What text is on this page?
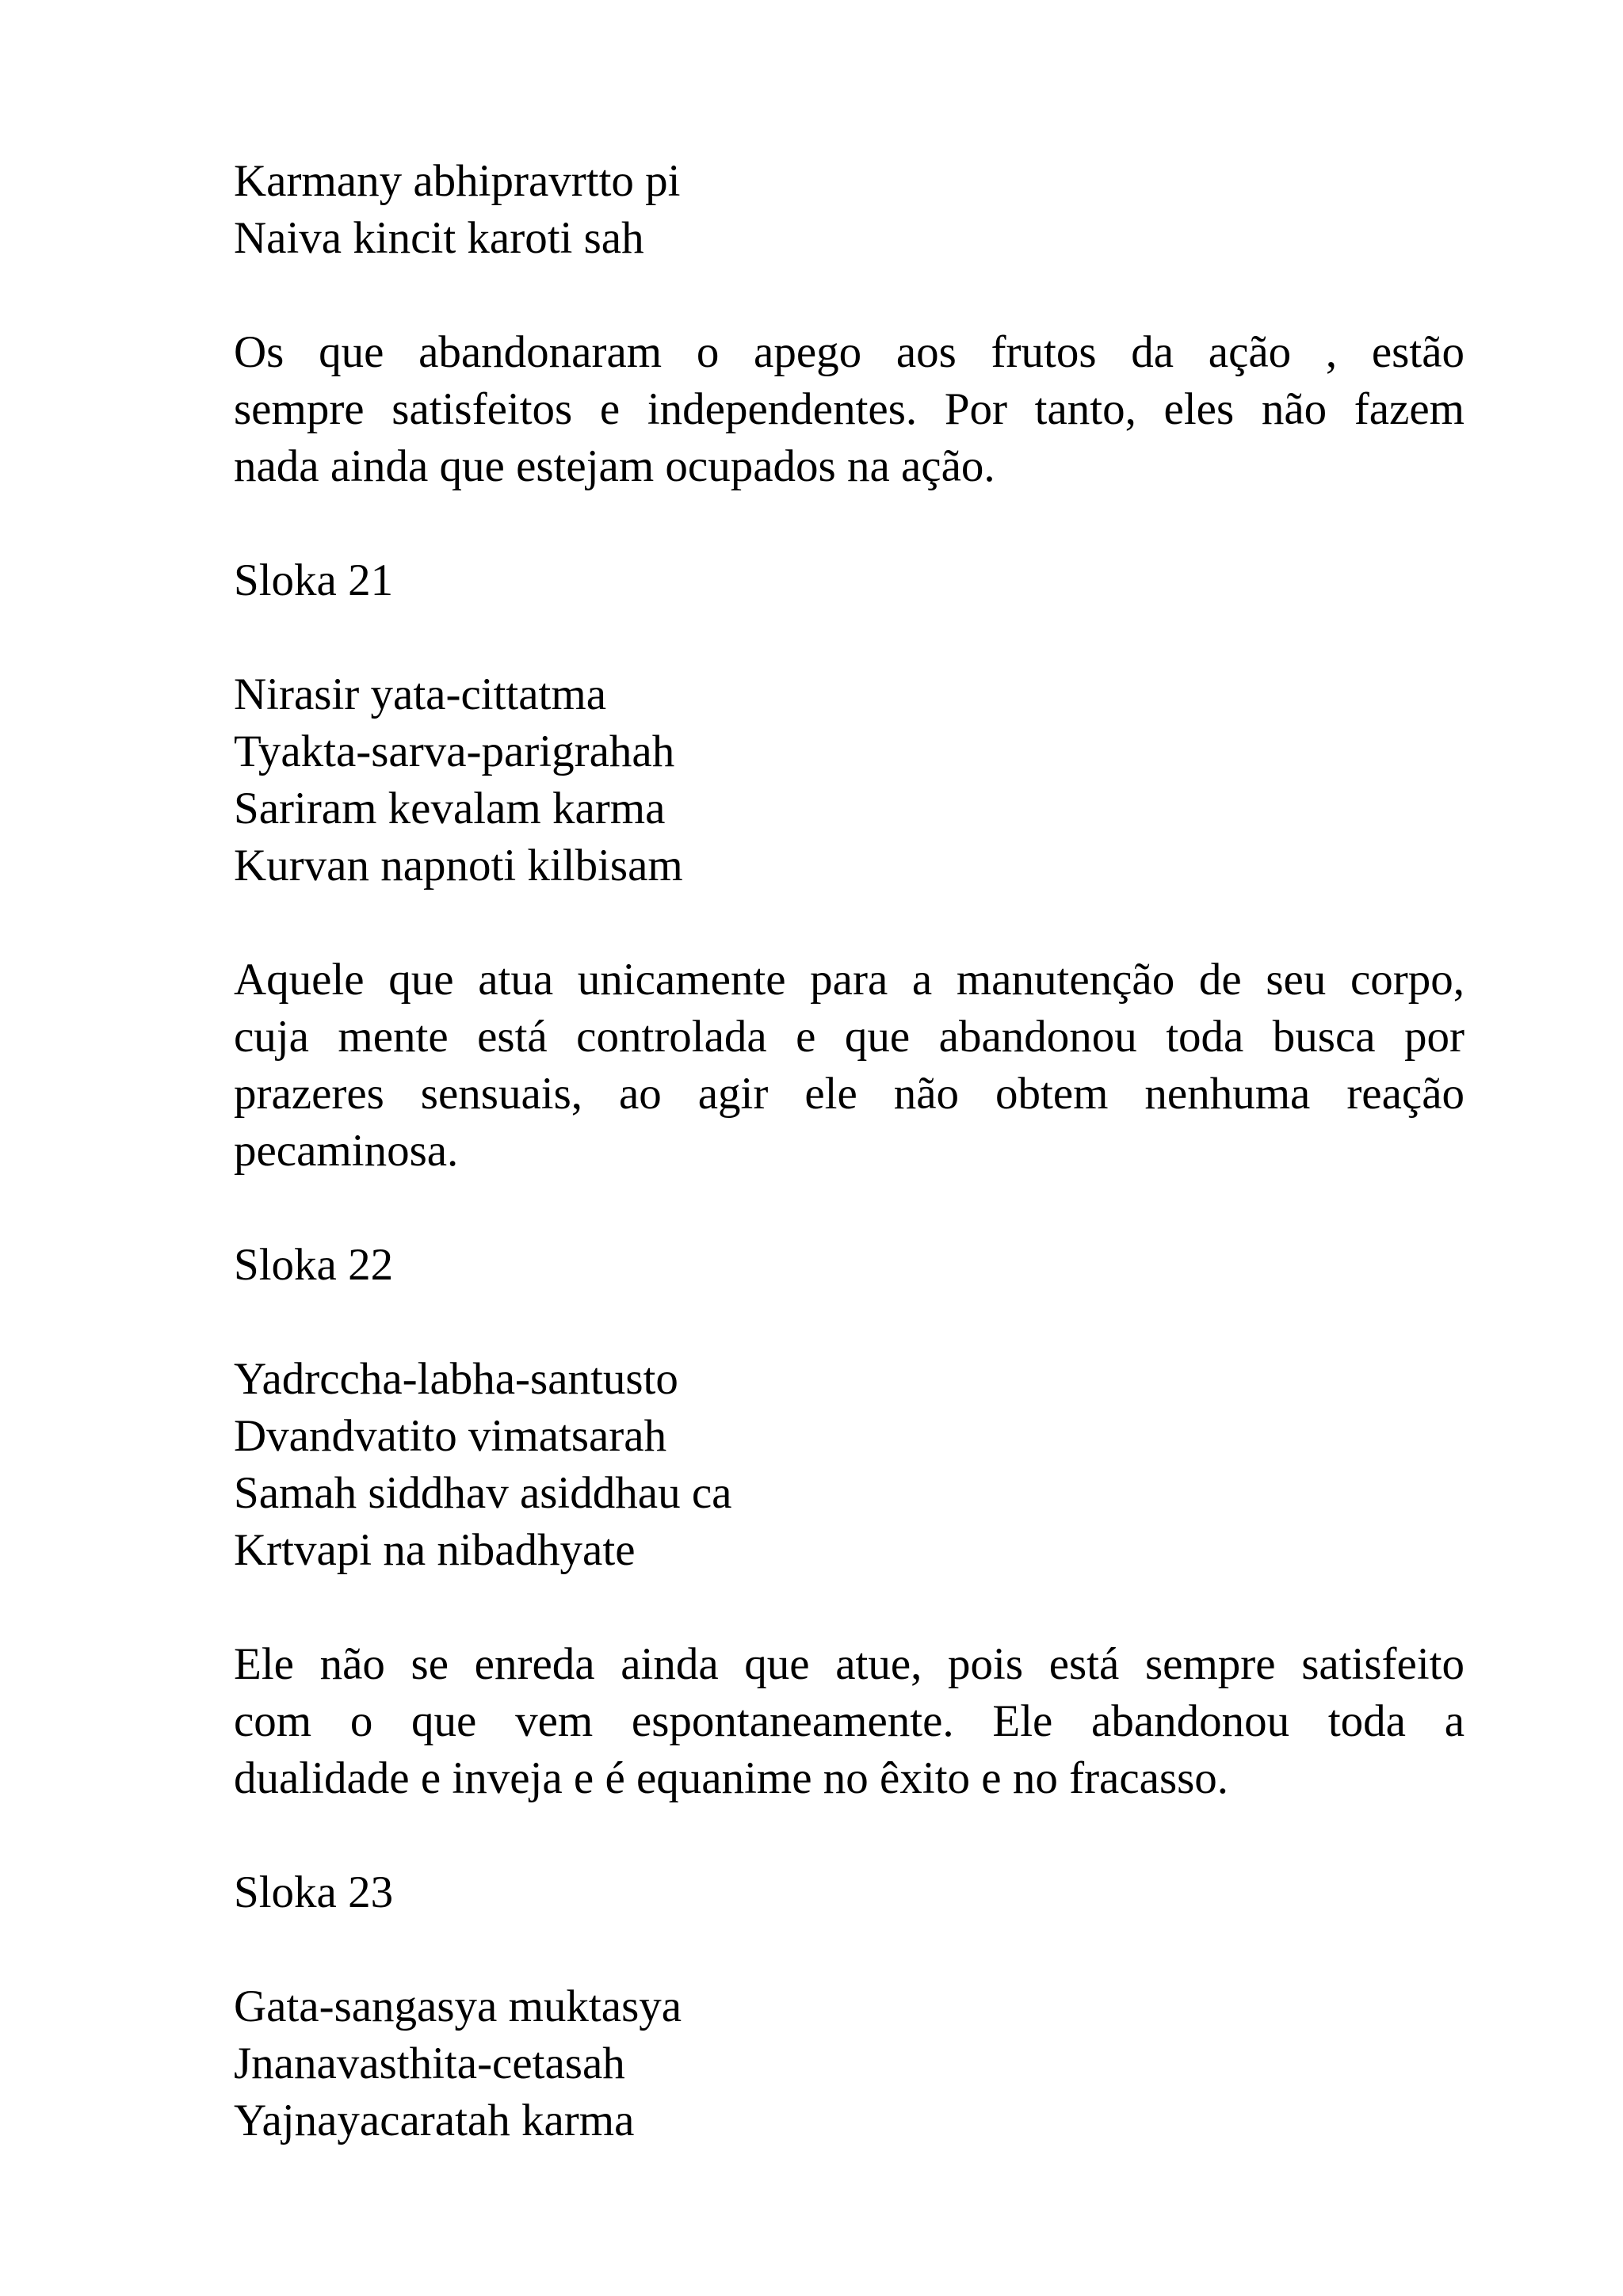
Karmany abhipravrtto pi
Naiva kincit karoti sah
Os que abandonaram o apego aos frutos da ação , estão
sempre satisfeitos e independentes. Por tanto, eles não fazem
nada ainda que estejam ocupados na ação.
Sloka 21
Nirasir yata-cittatma
Tyakta-sarva-parigrahah
Sariram kevalam karma
Kurvan napnoti kilbisam
Aquele que atua unicamente para a manutenção de seu corpo,
cuja mente está controlada e que abandonou toda busca por
prazeres sensuais, ao agir ele não obtem nenhuma reação
pecaminosa.
Sloka 22
Yadrccha-labha-santusto
Dvandvatito vimatsarah
Samah siddhav asiddhau ca
Krtvapi na nibadhyate
Ele não se enreda ainda que atue, pois está sempre satisfeito
com o que vem espontaneamente. Ele abandonou toda a
dualidade e inveja e é equanime no êxito e no fracasso.
Sloka 23
Gata-sangasya muktasya
Jnanavasthita-cetasah
Yajnayacaratah karma
